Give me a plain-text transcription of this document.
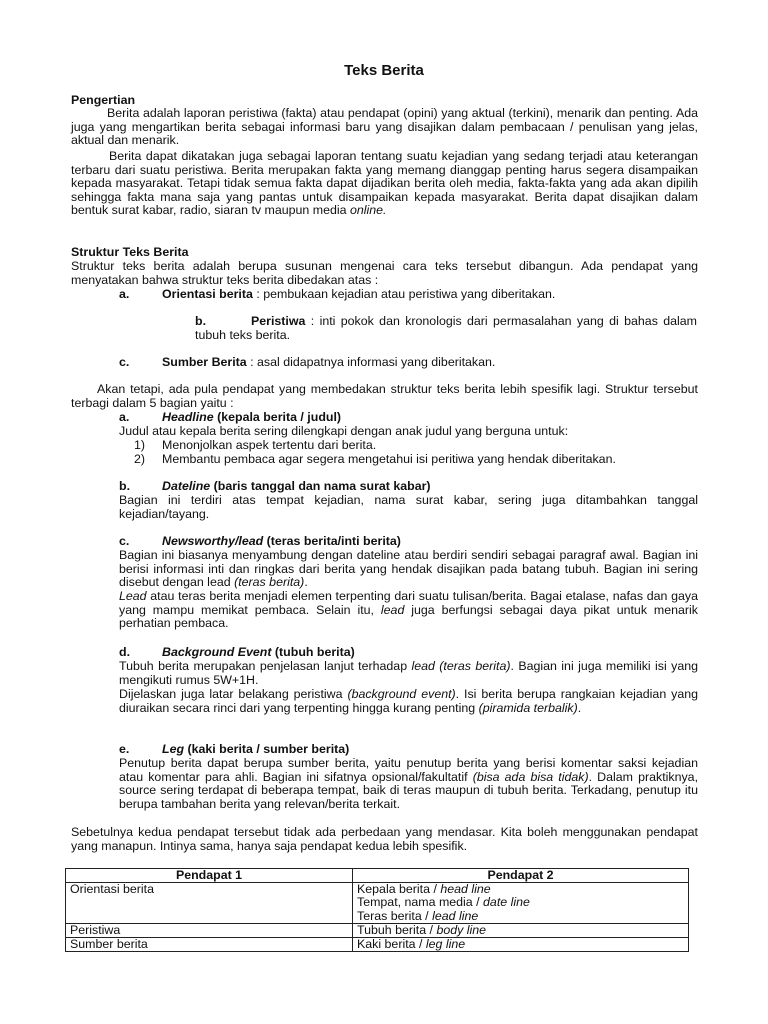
Teks Berita
Pengertian
Berita adalah laporan peristiwa (fakta) atau pendapat (opini) yang aktual (terkini), menarik dan penting. Ada juga yang mengartikan berita sebagai informasi baru yang disajikan dalam pembacaan / penulisan yang jelas, aktual dan menarik.
Berita dapat dikatakan juga sebagai laporan tentang suatu kejadian yang sedang terjadi atau keterangan terbaru dari suatu peristiwa. Berita merupakan fakta yang memang dianggap penting harus segera disampaikan kepada masyarakat. Tetapi tidak semua fakta dapat dijadikan berita oleh media, fakta-fakta yang ada akan dipilih sehingga fakta mana saja yang pantas untuk disampaikan kepada masyarakat. Berita dapat disajikan dalam bentuk surat kabar, radio, siaran tv maupun media online.
Struktur Teks Berita
Struktur teks berita adalah berupa susunan mengenai cara teks tersebut dibangun. Ada pendapat yang menyatakan bahwa struktur teks berita dibedakan atas :
a.	Orientasi berita : pembukaan kejadian atau peristiwa yang diberitakan.
b.	Peristiwa : inti pokok dan kronologis dari permasalahan yang di bahas dalam tubuh teks berita.
c.	Sumber Berita : asal didapatnya informasi yang diberitakan.
Akan tetapi, ada pula pendapat yang membedakan struktur teks berita lebih spesifik lagi. Struktur tersebut terbagi dalam 5 bagian yaitu :
a.	Headline (kepala berita / judul)
Judul atau kepala berita sering dilengkapi dengan anak judul yang berguna untuk:
1) Menonjolkan aspek tertentu dari berita.
2) Membantu pembaca agar segera mengetahui isi peritiwa yang hendak diberitakan.
b.	Dateline (baris tanggal dan nama surat kabar)
Bagian ini terdiri atas tempat kejadian, nama surat kabar, sering juga ditambahkan tanggal kejadian/tayang.
c.	Newsworthy/lead (teras berita/inti berita)
Bagian ini biasanya menyambung dengan dateline atau berdiri sendiri sebagai paragraf awal. Bagian ini berisi informasi inti dan ringkas dari berita yang hendak disajikan pada batang tubuh. Bagian ini sering disebut dengan lead (teras berita).
Lead atau teras berita menjadi elemen terpenting dari suatu tulisan/berita. Bagai etalase, nafas dan gaya yang mampu memikat pembaca. Selain itu, lead juga berfungsi sebagai daya pikat untuk menarik perhatian pembaca.
d.	Background Event (tubuh berita)
Tubuh berita merupakan penjelasan lanjut terhadap lead (teras berita). Bagian ini juga memiliki isi yang mengikuti rumus 5W+1H.
Dijelaskan juga latar belakang peristiwa (background event). Isi berita berupa rangkaian kejadian yang diuraikan secara rinci dari yang terpenting hingga kurang penting (piramida terbalik).
e.	Leg (kaki berita / sumber berita)
Penutup berita dapat berupa sumber berita, yaitu penutup berita yang berisi komentar saksi kejadian atau komentar para ahli. Bagian ini sifatnya opsional/fakultatif (bisa ada bisa tidak). Dalam praktiknya, source sering terdapat di beberapa tempat, baik di teras maupun di tubuh berita. Terkadang, penutup itu berupa tambahan berita yang relevan/berita terkait.
Sebetulnya kedua pendapat tersebut tidak ada perbedaan yang mendasar. Kita boleh menggunakan pendapat yang manapun. Intinya sama, hanya saja pendapat kedua lebih spesifik.
Pendapat 1	Pendapat 2
Orientasi berita	Kepala berita / head line
Tempat, nama media / date line
Teras berita / lead line

Peristiwa	Tubuh berita / body line
Sumber berita	Kaki berita / leg line
